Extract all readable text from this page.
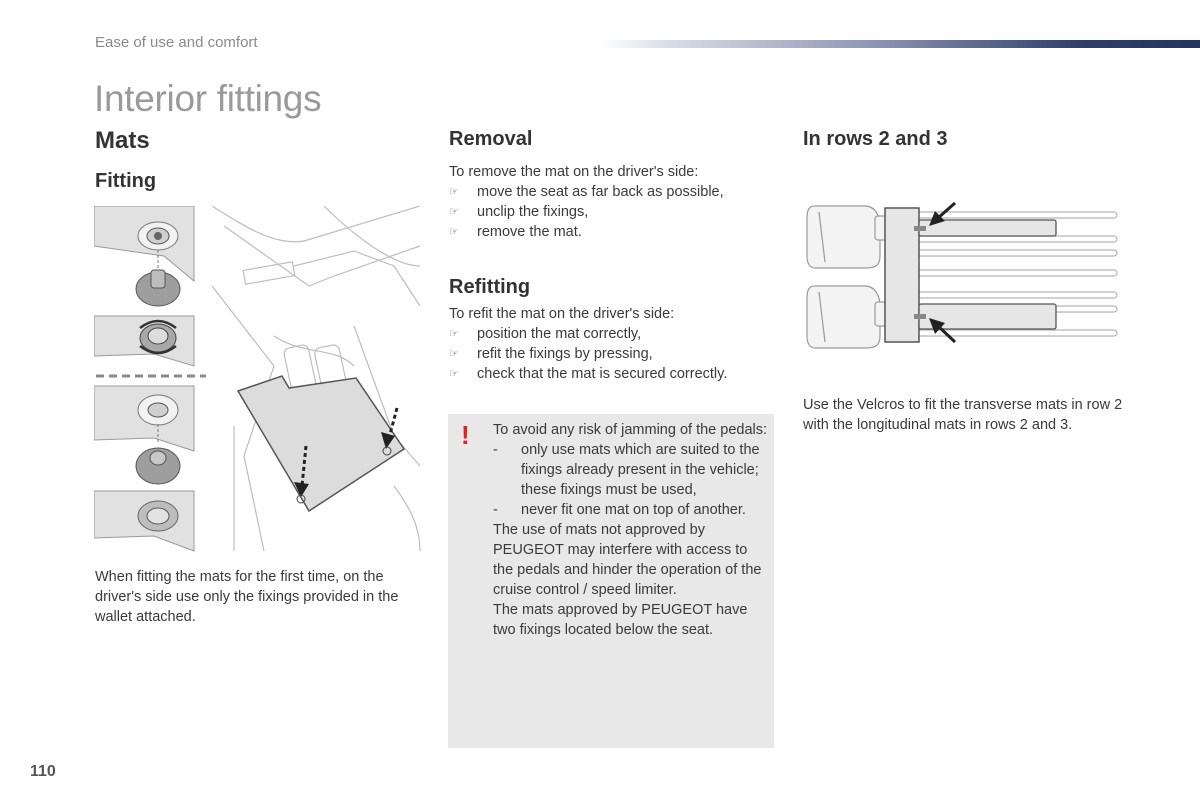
Ease of use and comfort
Interior fittings
Mats
Fitting
When fitting the mats for the first time, on the driver's side use only the fixings provided in the wallet attached.
Removal
To remove the mat on the driver's side:
☞	move the seat as far back as possible,
☞	unclip the fixings,
☞	remove the mat.
Refitting
To refit the mat on the driver's side:
☞	position the mat correctly,
☞	refit the fixings by pressing,
☞	check that the mat is secured correctly.
! To avoid any risk of jamming of the pedals:
- only use mats which are suited to the fixings already present in the vehicle; these fixings must be used,
- never fit one mat on top of another.
The use of mats not approved by PEUGEOT may interfere with access to the pedals and hinder the operation of the cruise control / speed limiter.
The mats approved by PEUGEOT have two fixings located below the seat.
In rows 2 and 3
Use the Velcros to fit the transverse mats in row 2 with the longitudinal mats in rows 2 and 3.
110
